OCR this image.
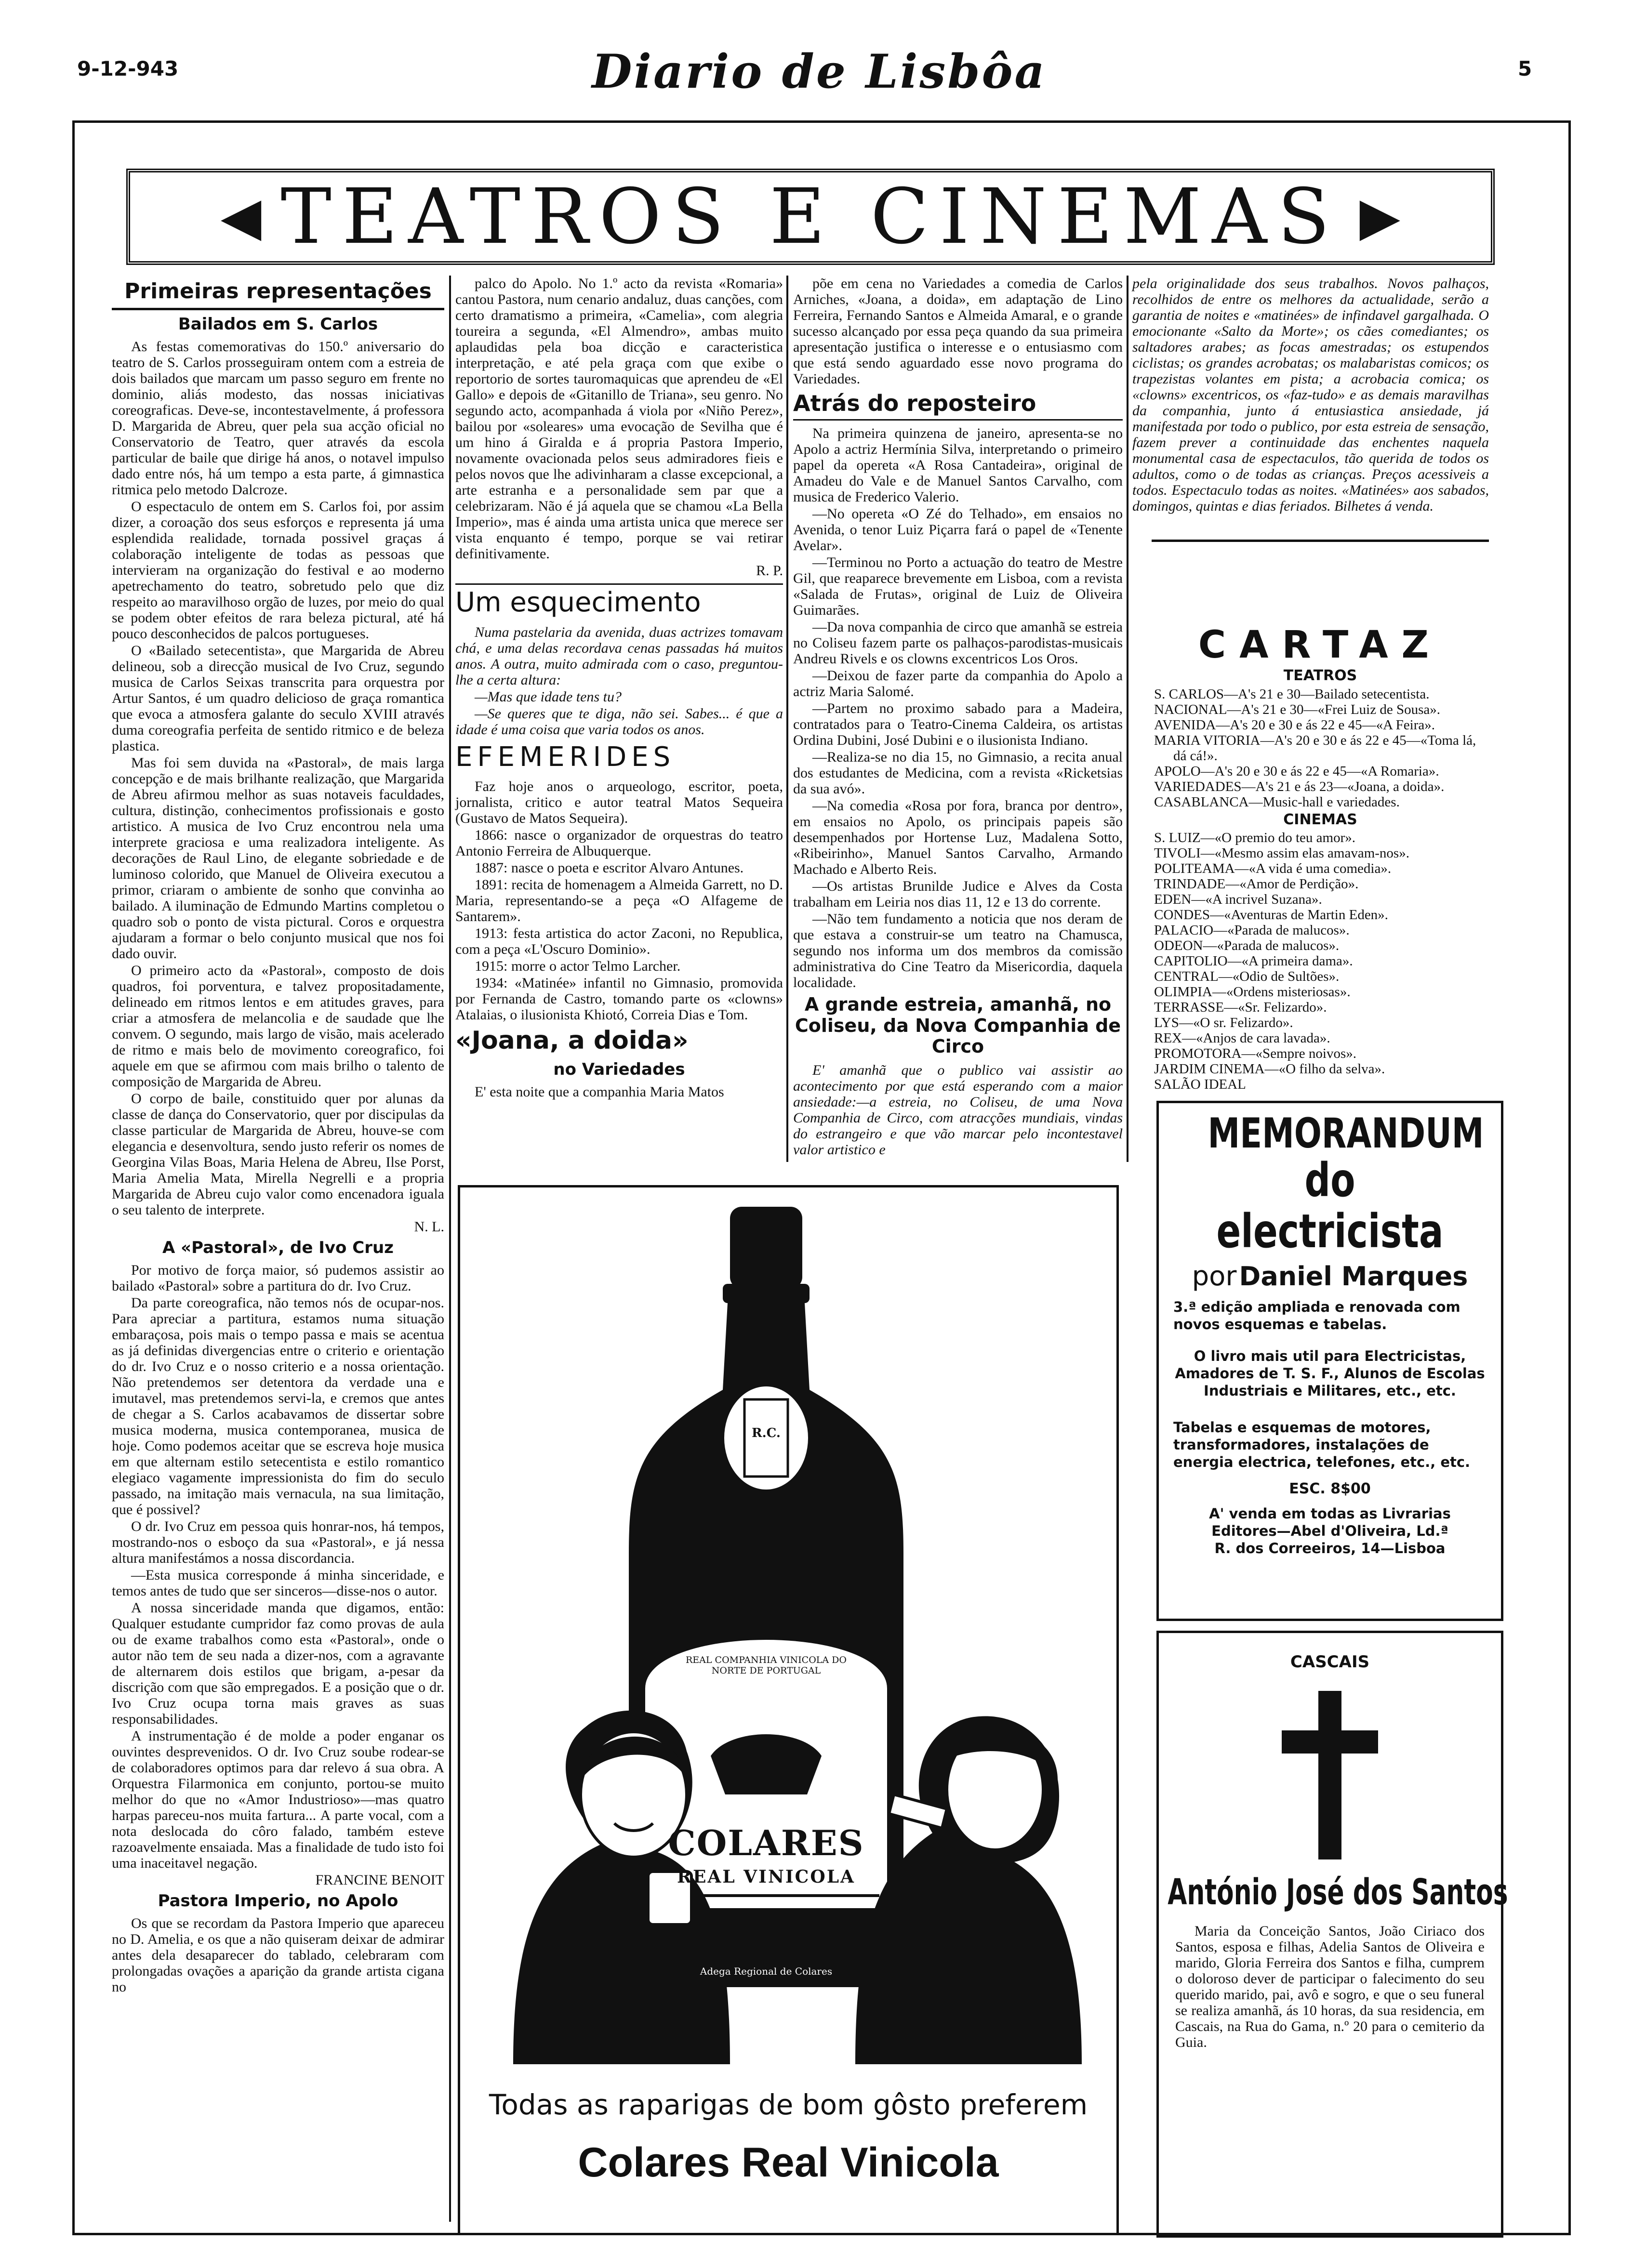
9-12-943	Diario de Lisbôa	5
◀ TEATROS E CINEMAS ▶
Primeiras representações
Bailados em S. Carlos

As festas comemorativas do 150.º aniversario do teatro de S. Carlos prosseguiram ontem com a estreia de dois bailados que marcam um passo seguro em frente no dominio, aliás modesto, das nossas iniciativas coreograficas. Deve-se, incontestavelmente, á professora D. Margarida de Abreu, quer pela sua acção oficial no Conservatorio de Teatro, quer através da escola particular de baile que dirige há anos, o notavel impulso dado entre nós, há um tempo a esta parte, á gimnastica ritmica pelo metodo Dalcroze.

O espectaculo de ontem em S. Carlos foi, por assim dizer, a coroação dos seus esforços e representa já uma esplendida realidade, tornada possivel graças á colaboração inteligente de todas as pessoas que intervieram na organização do festival e ao moderno apetrechamento do teatro, sobretudo pelo que diz respeito ao maravilhoso orgão de luzes, por meio do qual se podem obter efeitos de rara beleza pictural, até há pouco desconhecidos de palcos portugueses.

O «Bailado setecentista», que Margarida de Abreu delineou, sob a direcção musical de Ivo Cruz, segundo musica de Carlos Seixas transcrita para orquestra por Artur Santos, é um quadro delicioso de graça romantica que evoca a atmosfera galante do seculo XVIII através duma coreografia perfeita de sentido ritmico e de beleza plastica.

Mas foi sem duvida na «Pastoral», de mais larga concepção e de mais brilhante realização, que Margarida de Abreu afirmou melhor as suas notaveis faculdades, cultura, distinção, conhecimentos profissionais e gosto artistico. A musica de Ivo Cruz encontrou nela uma interprete graciosa e uma realizadora inteligente. As decorações de Raul Lino, de elegante sobriedade e de luminoso colorido, que Manuel de Oliveira executou a primor, criaram o ambiente de sonho que convinha ao bailado. A iluminação de Edmundo Martins completou o quadro sob o ponto de vista pictural. Coros e orquestra ajudaram a formar o belo conjunto musical que nos foi dado ouvir.

O primeiro acto da «Pastoral», composto de dois quadros, foi porventura, e talvez propositadamente, delineado em ritmos lentos e em atitudes graves, para criar a atmosfera de melancolia e de saudade que lhe convem. O segundo, mais largo de visão, mais acelerado de ritmo e mais belo de movimento coreografico, foi aquele em que se afirmou com mais brilho o talento de composição de Margarida de Abreu.

O corpo de baile, constituido quer por alunas da classe de dança do Conservatorio, quer por discipulas da classe particular de Margarida de Abreu, houve-se com elegancia e desenvoltura, sendo justo referir os nomes de Georgina Vilas Boas, Maria Helena de Abreu, Ilse Porst, Maria Amelia Mata, Mirella Negrelli e a propria Margarida de Abreu cujo valor como encenadora iguala o seu talento de interprete.

N. L.

A «Pastoral», de Ivo Cruz

Por motivo de força maior, só pudemos assistir ao bailado «Pastoral» sobre a partitura do dr. Ivo Cruz.

Da parte coreografica, não temos nós de ocupar-nos. Para apreciar a partitura, estamos numa situação embaraçosa, pois mais o tempo passa e mais se acentua as já definidas divergencias entre o criterio e orientação do dr. Ivo Cruz e o nosso criterio e a nossa orientação. Não pretendemos ser detentora da verdade una e imutavel, mas pretendemos servi-la, e cremos que antes de chegar a S. Carlos acabavamos de dissertar sobre musica moderna, musica contemporanea, musica de hoje. Como podemos aceitar que se escreva hoje musica em que alternam estilo setecentista e estilo romantico elegiaco vagamente impressionista do fim do seculo passado, na imitação mais vernacula, na sua limitação, que é possivel?

O dr. Ivo Cruz em pessoa quis honrar-nos, há tempos, mostrando-nos o esboço da sua «Pastoral», e já nessa altura manifestámos a nossa discordancia.

—Esta musica corresponde á minha sinceridade, e temos antes de tudo que ser sinceros—disse-nos o autor.

A nossa sinceridade manda que digamos, então: Qualquer estudante cumpridor faz como provas de aula ou de exame trabalhos como esta «Pastoral», onde o autor não tem de seu nada a dizer-nos, com a agravante de alternarem dois estilos que brigam, a-pesar da discrição com que são empregados. E a posição que o dr. Ivo Cruz ocupa torna mais graves as suas responsabilidades.

A instrumentação é de molde a poder enganar os ouvintes desprevenidos. O dr. Ivo Cruz soube rodear-se de colaboradores optimos para dar relevo á sua obra. A Orquestra Filarmonica em conjunto, portou-se muito melhor do que no «Amor Industrioso»—mas quatro harpas pareceu-nos muita fartura... A parte vocal, com a nota deslocada do côro falado, também esteve razoavelmente ensaiada. Mas a finalidade de tudo isto foi uma inaceitavel negação.

FRANCINE BENOIT

Pastora Imperio, no Apolo

Os que se recordam da Pastora Imperio que apareceu no D. Amelia, e os que a não quiseram deixar de admirar antes dela desaparecer do tablado, celebraram com prolongadas ovações a aparição da grande artista cigana no

palco do Apolo. No 1.º acto da revista «Romaria» cantou Pastora, num cenario andaluz, duas canções, com certo dramatismo a primeira, «Camelia», com alegria toureira a segunda, «El Almendro», ambas muito aplaudidas pela boa dicção e caracteristica interpretação, e até pela graça com que exibe o reportorio de sortes tauromaquicas que aprendeu de «El Gallo» e depois de «Gitanillo de Triana», seu genro. No segundo acto, acompanhada á viola por «Niño Perez», bailou por «soleares» uma evocação de Sevilha que é um hino á Giralda e á propria Pastora Imperio, novamente ovacionada pelos seus admiradores fieis e pelos novos que lhe adivinharam a classe excepcional, a arte estranha e a personalidade sem par que a celebrizaram. Não é já aquela que se chamou «La Bella Imperio», mas é ainda uma artista unica que merece ser vista enquanto é tempo, porque se vai retirar definitivamente.

R. P.

Um esquecimento

Numa pastelaria da avenida, duas actrizes tomavam chá, e uma delas recordava cenas passadas há muitos anos. A outra, muito admirada com o caso, preguntou-lhe a certa altura:

—Mas que idade tens tu?

—Se queres que te diga, não sei. Sabes... é que a idade é uma coisa que varia todos os anos.

EFEMERIDES

Faz hoje anos o arqueologo, escritor, poeta, jornalista, critico e autor teatral Matos Sequeira (Gustavo de Matos Sequeira).

1866: nasce o organizador de orquestras do teatro Antonio Ferreira de Albuquerque.

1887: nasce o poeta e escritor Alvaro Antunes.

1891: recita de homenagem a Almeida Garrett, no D. Maria, representando-se a peça «O Alfageme de Santarem».

1913: festa artistica do actor Zaconi, no Republica, com a peça «L'Oscuro Dominio».

1915: morre o actor Telmo Larcher.

1934: «Matinée» infantil no Gimnasio, promovida por Fernanda de Castro, tomando parte os «clowns» Atalaias, o ilusionista Khiotó, Correia Dias e Tom.

«Joana, a doida»
no Variedades

E' esta noite que a companhia Maria Matos

põe em cena no Variedades a comedia de Carlos Arniches, «Joana, a doida», em adaptação de Lino Ferreira, Fernando Santos e Almeida Amaral, e o grande sucesso alcançado por essa peça quando da sua primeira apresentação justifica o interesse e o entusiasmo com que está sendo aguardado esse novo programa do Variedades.

Atrás do reposteiro

Na primeira quinzena de janeiro, apresenta-se no Apolo a actriz Hermínia Silva, interpretando o primeiro papel da opereta «A Rosa Cantadeira», original de Amadeu do Vale e de Manuel Santos Carvalho, com musica de Frederico Valerio.

—No opereta «O Zé do Telhado», em ensaios no Avenida, o tenor Luiz Piçarra fará o papel de «Tenente Avelar».

—Terminou no Porto a actuação do teatro de Mestre Gil, que reaparece brevemente em Lisboa, com a revista «Salada de Frutas», original de Luiz de Oliveira Guimarães.

—Da nova companhia de circo que amanhã se estreia no Coliseu fazem parte os palhaços-parodistas-musicais Andreu Rivels e os clowns excentricos Los Oros.

—Deixou de fazer parte da companhia do Apolo a actriz Maria Salomé.

—Partem no proximo sabado para a Madeira, contratados para o Teatro-Cinema Caldeira, os artistas Ordina Dubini, José Dubini e o ilusionista Indiano.

—Realiza-se no dia 15, no Gimnasio, a recita anual dos estudantes de Medicina, com a revista «Ricketsias da sua avó».

—Na comedia «Rosa por fora, branca por dentro», em ensaios no Apolo, os principais papeis são desempenhados por Hortense Luz, Madalena Sotto, «Ribeirinho», Manuel Santos Carvalho, Armando Machado e Alberto Reis.

—Os artistas Brunilde Judice e Alves da Costa trabalham em Leiria nos dias 11, 12 e 13 do corrente.

—Não tem fundamento a noticia que nos deram de que estava a construir-se um teatro na Chamusca, segundo nos informa um dos membros da comissão administrativa do Cine Teatro da Misericordia, daquela localidade.

A grande estreia, amanhã, no Coliseu, da Nova Companhia de Circo

E' amanhã que o publico vai assistir ao acontecimento por que está esperando com a maior ansiedade:—a estreia, no Coliseu, de uma Nova Companhia de Circo, com atracções mundiais, vindas do estrangeiro e que vão marcar pelo incontestavel valor artistico e

pela originalidade dos seus trabalhos. Novos palhaços, recolhidos de entre os melhores da actualidade, serão a garantia de noites e «matinées» de infindavel gargalhada. O emocionante «Salto da Morte»; os cães comediantes; os saltadores arabes; as focas amestradas; os estupendos ciclistas; os grandes acrobatas; os malabaristas comicos; os trapezistas volantes em pista; a acrobacia comica; os «clowns» excentricos, os «faz-tudo» e as demais maravilhas da companhia, junto á entusiastica ansiedade, já manifestada por todo o publico, por esta estreia de sensação, fazem prever a continuidade das enchentes naquela monumental casa de espectaculos, tão querida de todos os adultos, como o de todas as crianças. Preços acessiveis a todos. Espectaculo todas as noites. «Matinées» aos sabados, domingos, quintas e dias feriados. Bilhetes á venda.

CARTAZ
TEATROS

S. CARLOS—A's 21 e 30—Bailado setecentista.

NACIONAL—A's 21 e 30—«Frei Luiz de Sousa».

AVENIDA—A's 20 e 30 e ás 22 e 45—«A Feira».

MARIA VITORIA—A's 20 e 30 e ás 22 e 45—«Toma lá, dá cá!».

APOLO—A's 20 e 30 e ás 22 e 45—«A Romaria».

VARIEDADES—A's 21 e ás 23—«Joana, a doida».

CASABLANCA—Music-hall e variedades.

CINEMAS

S. LUIZ—«O premio do teu amor».

TIVOLI—«Mesmo assim elas amavam-nos».

POLITEAMA—«A vida é uma comedia».

TRINDADE—«Amor de Perdição».

EDEN—«A incrivel Suzana».

CONDES—«Aventuras de Martin Eden».

PALACIO—«Parada de malucos».

ODEON—«Parada de malucos».

CAPITOLIO—«A primeira dama».

CENTRAL—«Odio de Sultões».

OLIMPIA—«Ordens misteriosas».

TERRASSE—«Sr. Felizardo».

LYS—«O sr. Felizardo».

REX—«Anjos de cara lavada».

PROMOTORA—«Sempre noivos».

JARDIM CINEMA—«O filho da selva».

SALÃO IDEAL

MEMORANDUM
do electricista
por Daniel Marques
3.ª edição ampliada e renovada com novos esquemas e tabelas.
O livro mais util para Electricistas, Amadores de T. S. F., Alunos de Escolas Industriais e Militares, etc., etc.
Tabelas e esquemas de motores, transformadores, instalações de energia electrica, telefones, etc., etc.
ESC. 8$00
A' venda em todas as Livrarias
Editores—Abel d'Oliveira, Ld.ª
R. dos Correeiros, 14—Lisboa
CASCAIS
António José dos Santos
Maria da Conceição Santos, João Ciriaco dos Santos, esposa e filhas, Adelia Santos de Oliveira e marido, Gloria Ferreira dos Santos e filha, cumprem o doloroso dever de participar o falecimento do seu querido marido, pai, avô e sogro, e que o seu funeral se realiza amanhã, ás 10 horas, da sua residencia, em Cascais, na Rua do Gama, n.º 20 para o cemiterio da Guia.
R.C.
REAL COMPANHIA VINICOLA DO NORTE DE PORTUGAL
COLARES
REAL VINICOLA
Adega Regional de Colares
Todas as raparigas de bom gôsto preferem
Colares Real Vinicola
